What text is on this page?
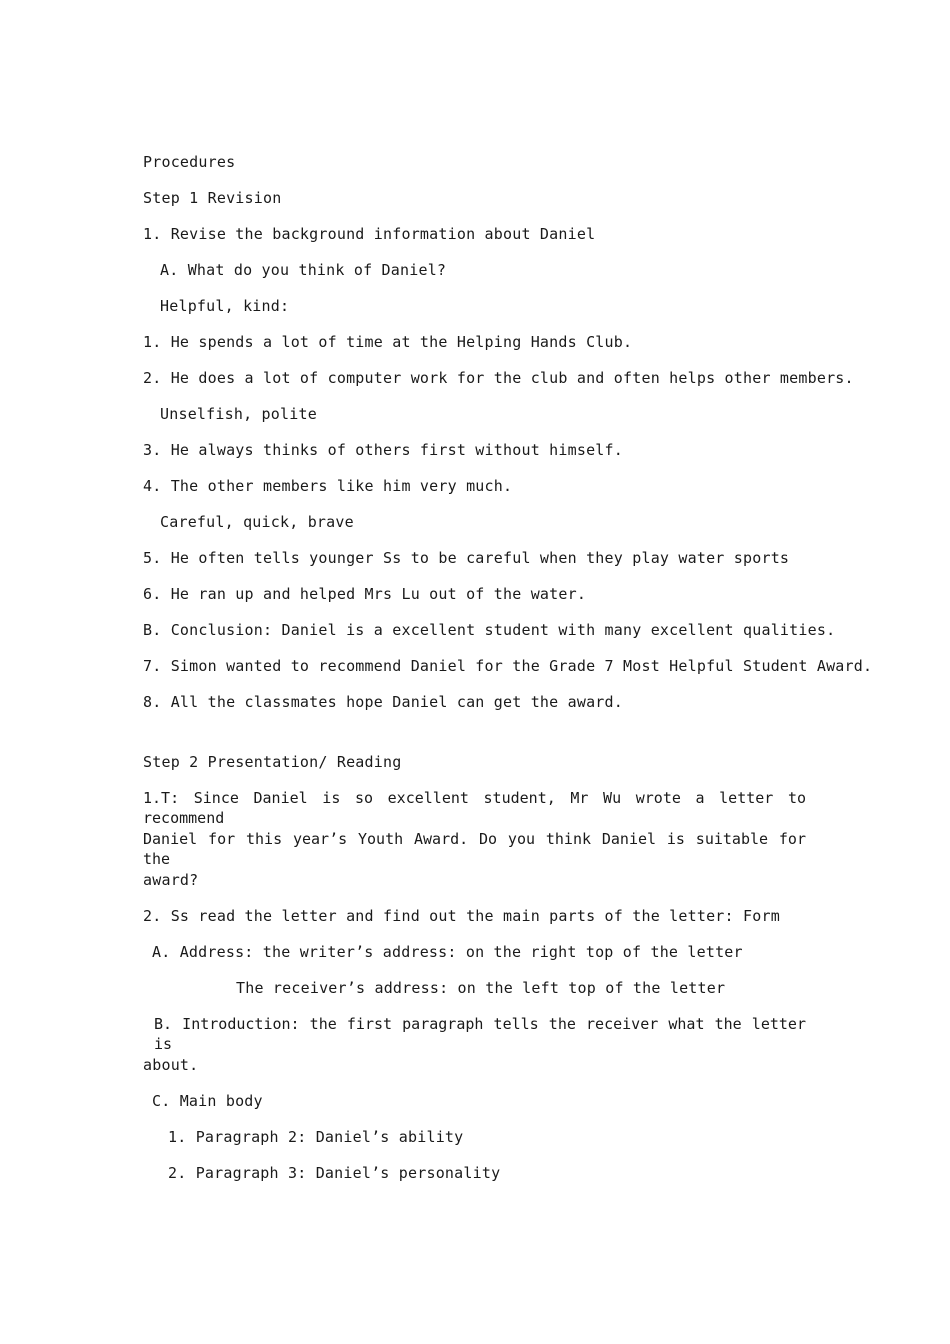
Procedures
Step 1 Revision
1. Revise the background information about Daniel
A. What do you think of Daniel?
Helpful, kind:
1. He spends a lot of time at the Helping Hands Club.
2. He does a lot of computer work for the club and often helps other members.
Unselfish, polite
3. He always thinks of others first without himself.
4. The other members like him very much.
Careful, quick, brave
5. He often tells younger Ss to be careful when they play water sports
6. He ran up and helped Mrs Lu out of the water.
B. Conclusion: Daniel is a excellent student with many excellent qualities.
7. Simon wanted to recommend Daniel for the Grade 7 Most Helpful Student Award.
8. All the classmates hope Daniel can get the award.
Step 2 Presentation/ Reading
1.T: Since Daniel is so excellent student, Mr Wu wrote a letter to recommend
Daniel for this year’s Youth Award. Do you think Daniel is suitable for the
award?
2. Ss read the letter and find out the main parts of the letter: Form
A. Address: the writer’s address: on the right top of the letter
The receiver’s address: on the left top of the letter
B. Introduction: the first paragraph tells the receiver what the letter is
about.
C. Main body
1. Paragraph 2: Daniel’s ability
2. Paragraph 3: Daniel’s personality
